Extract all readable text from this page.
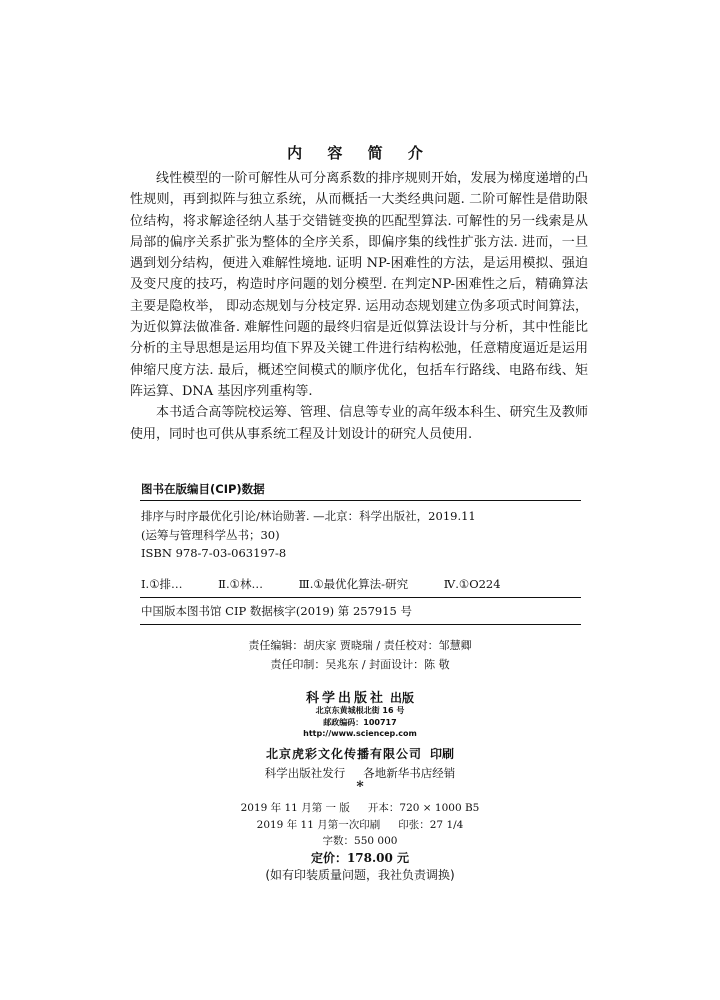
内 容 简 介

线性模型的一阶可解性从可分离系数的排序规则开始，发展为梯度递增的凸性规则，再到拟阵与独立系统，从而概括一大类经典问题. 二阶可解性是借助限位结构，将求解途径纳人基于交错链变换的匹配型算法. 可解性的另一线索是从局部的偏序关系扩张为整体的全序关系，即偏序集的线性扩张方法. 进而，一旦遇到划分结构，便进入难解性境地. 证明 NP-困难性的方法，是运用模拟、强迫及变尺度的技巧，构造时序问题的划分模型. 在判定NP-困难性之后，精确算法主要是隐枚举， 即动态规划与分枝定界. 运用动态规划建立伪多项式时间算法，为近似算法做准备. 难解性问题的最终归宿是近似算法设计与分析，其中性能比分析的主导思想是运用均值下界及关键工件进行结构松弛，任意精度逼近是运用伸缩尺度方法. 最后，概述空间模式的顺序优化，包括车行路线、电路布线、矩阵运算、DNA 基因序列重构等.

本书适合高等院校运筹、管理、信息等专业的高年级本科生、研究生及教师使用，同时也可供从事系统工程及计划设计的研究人员使用.

图书在版编目(CIP)数据
排序与时序最优化引论/林诒勋著. —北京：科学出版社，2019.11
(运筹与管理科学丛书；30)
ISBN 978-7-03-063197-8
Ⅰ.①排…	Ⅱ.①林…	Ⅲ.①最优化算法-研究	Ⅳ.①O224
中国版本图书馆 CIP 数据核字(2019) 第 257915 号
责任编辑：胡庆家 贾晓瑞 / 责任校对：邹慧卿
责任印制：吴兆东 / 封面设计：陈 敬
科学出版社 出版
北京东黄城根北街 16 号
邮政编码：100717
http://www.sciencep.com
北京虎彩文化传播有限公司 印刷
科学出版社发行 各地新华书店经销
*
2019 年 11 月第 一 版 开本：720 × 1000 B5
2019 年 11 月第一次印刷 印张：27 1/4
字数：550 000
定价：178.00 元
(如有印装质量问题，我社负责调换)
